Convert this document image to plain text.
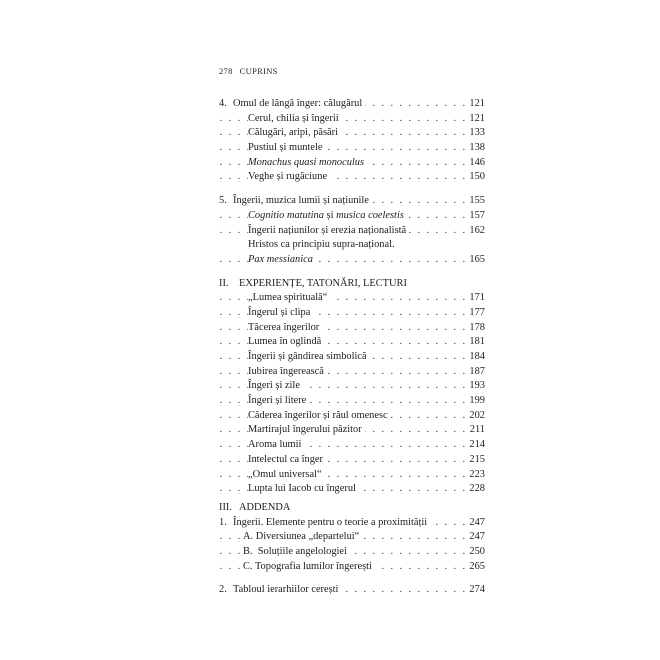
278 CUPRINS
. . .
4. Omul de lângă înger: călugărul	121
. . .
Cerul, chilia și îngerii	121
. . .
Călugări, aripi, păsări	133
. . .
Pustiul și muntele	138
. . .
Monachus quasi monoculus	146
. . .
Veghe și rugăciune	150
. . .
5. Îngerii, muzica lumii și națiunile	155
. . .
Cognitio matutina și musica coelestis	157
. . .
Îngerii națiunilor și erezia naționalistă	162
Hristos ca principiu supra-național.
. . .
Pax messianica	165
II. EXPERIENȚE, TATONĂRI, LECTURI
. . .
„Lumea spirituală“	171
. . .
Îngerul și clipa	177
. . .
Tăcerea îngerilor	178
. . .
Lumea în oglindă	181
. . .
Îngerii și gândirea simbolică	184
. . .
Iubirea îngerească	187
. . .
Îngeri și zile	193
. . .
Îngeri și litere	199
. . .
Căderea îngerilor și răul omenesc	202
. . .
Martirajul îngerului păzitor	211
. . .
Aroma lumii	214
. . .
Intelectul ca înger	215
. . .
„Omul universal“	223
. . .
Lupta lui Iacob cu îngerul	228
III. ADDENDA
. . .
1. Îngerii. Elemente pentru o teorie a proximității	247
. . .
A. Diversiunea „departelui“	247
. . .
B.  Soluțiile angelologiei	250
. . .
C. Topografia lumilor îngerești	265
. . .
2. Tabloul ierarhiilor cerești	274
